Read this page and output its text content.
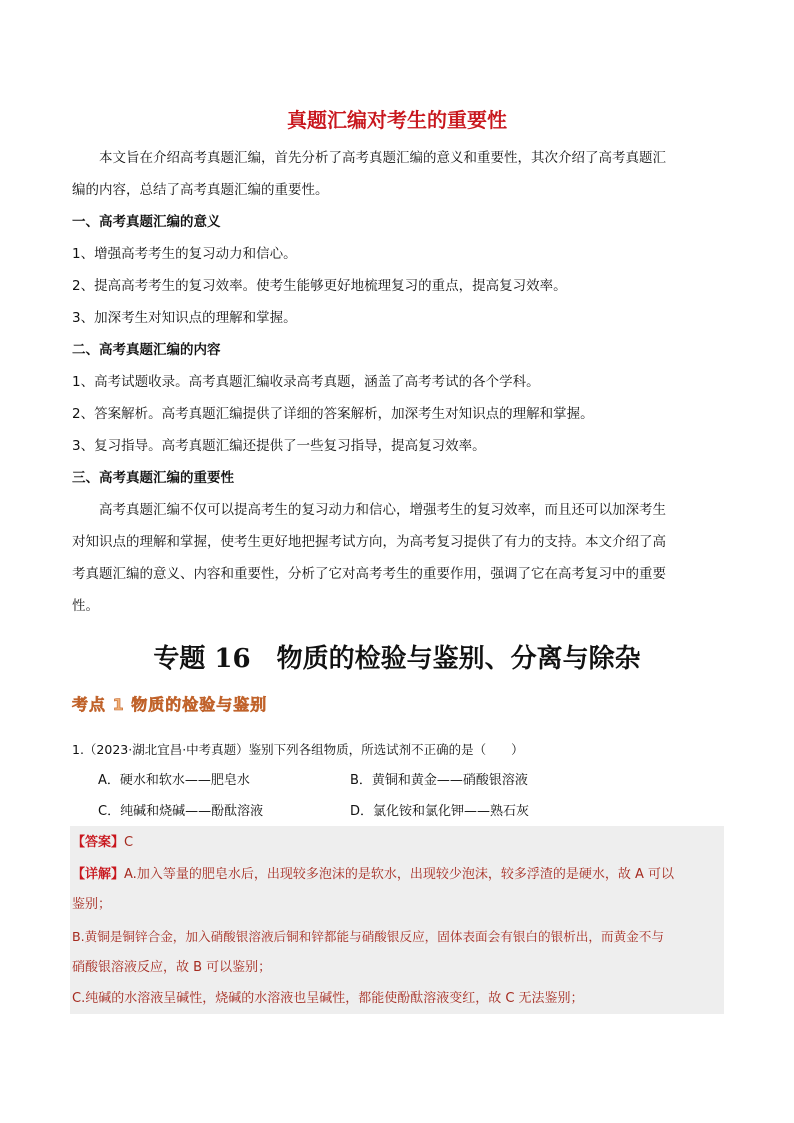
真题汇编对考生的重要性
本文旨在介绍高考真题汇编，首先分析了高考真题汇编的意义和重要性，其次介绍了高考真题汇
编的内容，总结了高考真题汇编的重要性。
一、高考真题汇编的意义
1、增强高考考生的复习动力和信心。
2、提高高考考生的复习效率。使考生能够更好地梳理复习的重点，提高复习效率。
3、加深考生对知识点的理解和掌握。
二、高考真题汇编的内容
1、高考试题收录。高考真题汇编收录高考真题，涵盖了高考考试的各个学科。
2、答案解析。高考真题汇编提供了详细的答案解析，加深考生对知识点的理解和掌握。
3、复习指导。高考真题汇编还提供了一些复习指导，提高复习效率。
三、高考真题汇编的重要性
高考真题汇编不仅可以提高考生的复习动力和信心，增强考生的复习效率，而且还可以加深考生
对知识点的理解和掌握，使考生更好地把握考试方向，为高考复习提供了有力的支持。本文介绍了高
考真题汇编的意义、内容和重要性，分析了它对高考考生的重要作用，强调了它在高考复习中的重要
性。
专题 16　物质的检验与鉴别、分离与除杂
考点 1 物质的检验与鉴别
1.（2023·湖北宜昌·中考真题）鉴别下列各组物质，所选试剂不正确的是（　　）
A．硬水和软水——肥皂水	B．黄铜和黄金——硝酸银溶液
C．纯碱和烧碱——酚酞溶液	D．氯化铵和氯化钾——熟石灰
【答案】C
【详解】A.加入等量的肥皂水后，出现较多泡沫的是软水，出现较少泡沫，较多浮渣的是硬水，故 A 可以
鉴别；
B.黄铜是铜锌合金，加入硝酸银溶液后铜和锌都能与硝酸银反应，固体表面会有银白的银析出，而黄金不与
硝酸银溶液反应，故 B 可以鉴别；
C.纯碱的水溶液呈碱性，烧碱的水溶液也呈碱性，都能使酚酞溶液变红，故 C 无法鉴别；
